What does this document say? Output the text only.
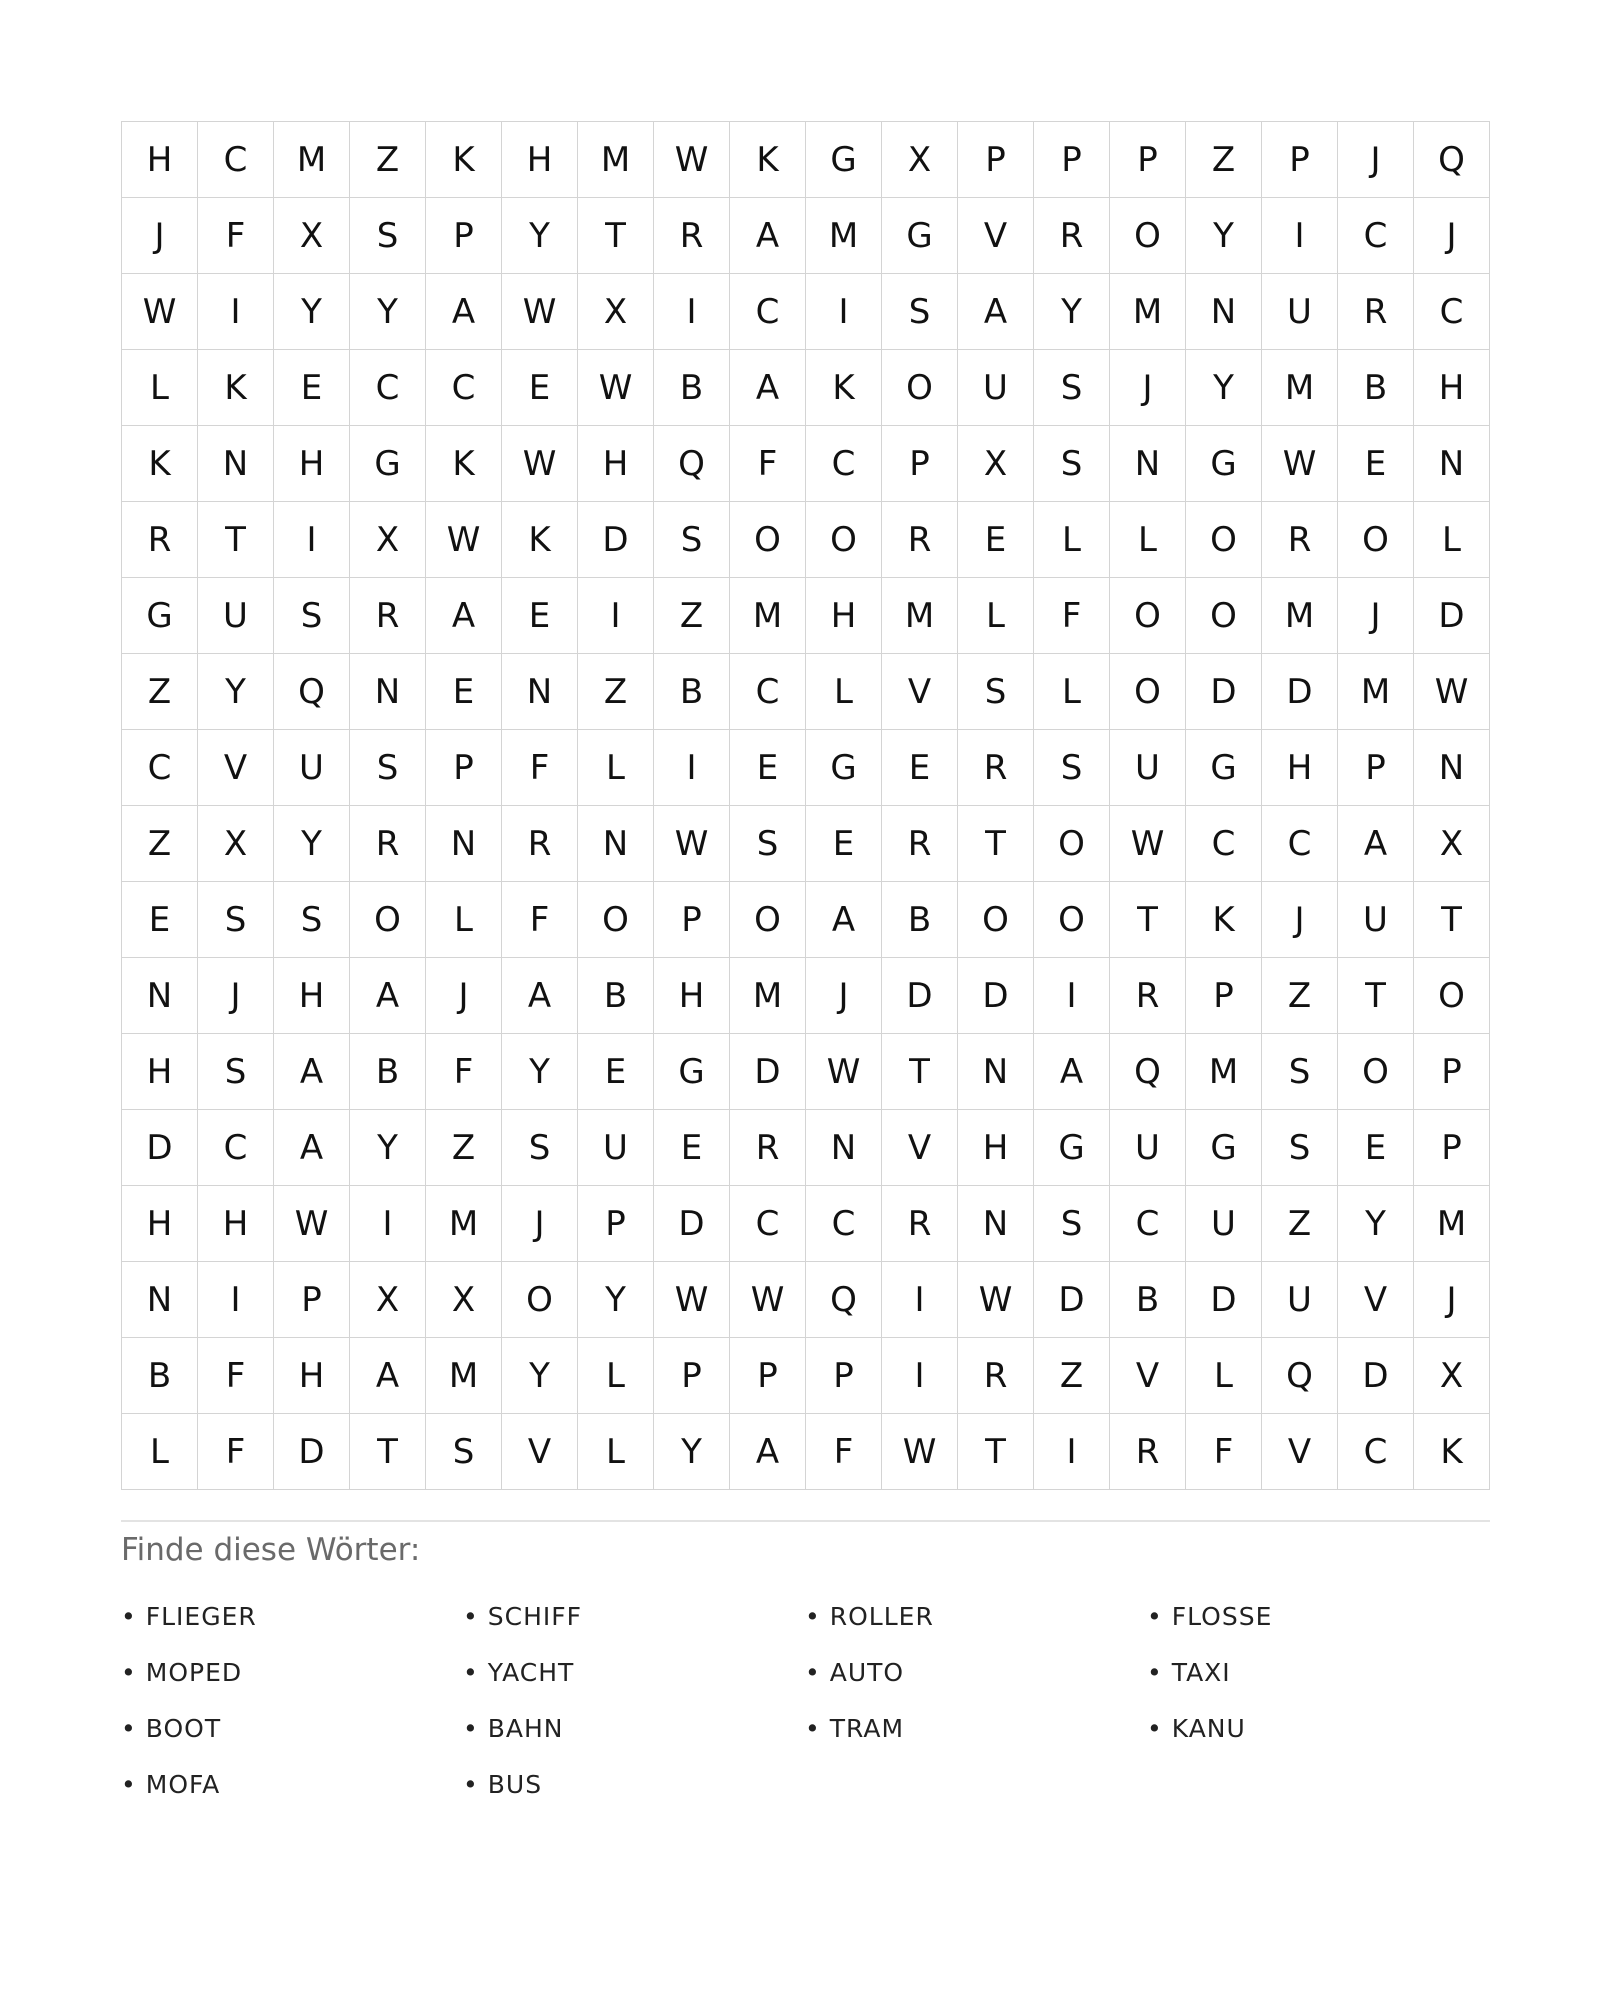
H	C	M	Z	K	H	M	W	K	G	X	P	P	P	Z	P	J	Q
J	F	X	S	P	Y	T	R	A	M	G	V	R	O	Y	I	C	J
W	I	Y	Y	A	W	X	I	C	I	S	A	Y	M	N	U	R	C
L	K	E	C	C	E	W	B	A	K	O	U	S	J	Y	M	B	H
K	N	H	G	K	W	H	Q	F	C	P	X	S	N	G	W	E	N
R	T	I	X	W	K	D	S	O	O	R	E	L	L	O	R	O	L
G	U	S	R	A	E	I	Z	M	H	M	L	F	O	O	M	J	D
Z	Y	Q	N	E	N	Z	B	C	L	V	S	L	O	D	D	M	W
C	V	U	S	P	F	L	I	E	G	E	R	S	U	G	H	P	N
Z	X	Y	R	N	R	N	W	S	E	R	T	O	W	C	C	A	X
E	S	S	O	L	F	O	P	O	A	B	O	O	T	K	J	U	T
N	J	H	A	J	A	B	H	M	J	D	D	I	R	P	Z	T	O
H	S	A	B	F	Y	E	G	D	W	T	N	A	Q	M	S	O	P
D	C	A	Y	Z	S	U	E	R	N	V	H	G	U	G	S	E	P
H	H	W	I	M	J	P	D	C	C	R	N	S	C	U	Z	Y	M
N	I	P	X	X	O	Y	W	W	Q	I	W	D	B	D	U	V	J
B	F	H	A	M	Y	L	P	P	P	I	R	Z	V	L	Q	D	X
L	F	D	T	S	V	L	Y	A	F	W	T	I	R	F	V	C	K
Finde diese Wörter:
• FLIEGER	• SCHIFF	• ROLLER	• FLOSSE
• MOPED	• YACHT	• AUTO	• TAXI
• BOOT	• BAHN	• TRAM	• KANU
• MOFA	• BUS
